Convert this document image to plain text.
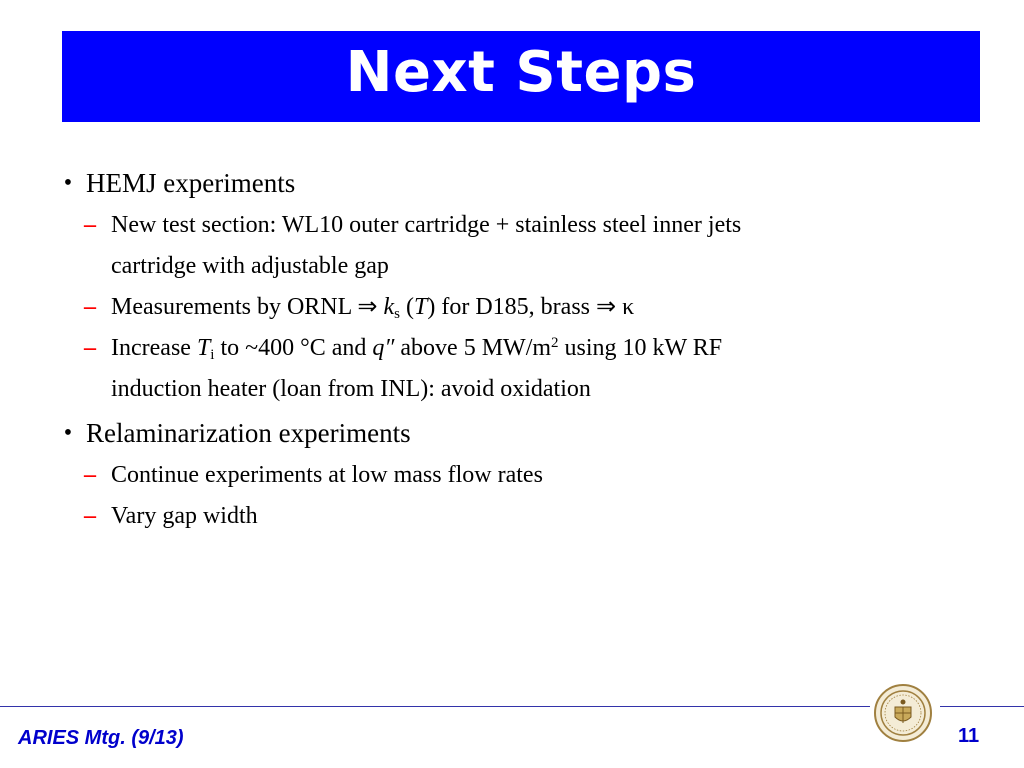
Next Steps
• HEMJ experiments
– New test section: WL10 outer cartridge + stainless steel inner jets
cartridge with adjustable gap
– Measurements by ORNL ⇒ $k_s$ (T) for D185, brass ⇒ κ
– Increase $T_i$ to ~400 °C and q″ above 5 $MW/m^2$ using 10 kW RF
induction heater (loan from INL): avoid oxidation
• Relaminarization experiments
– Continue experiments at low mass flow rates
– Vary gap width
ARIES Mtg. (9/13)	11
